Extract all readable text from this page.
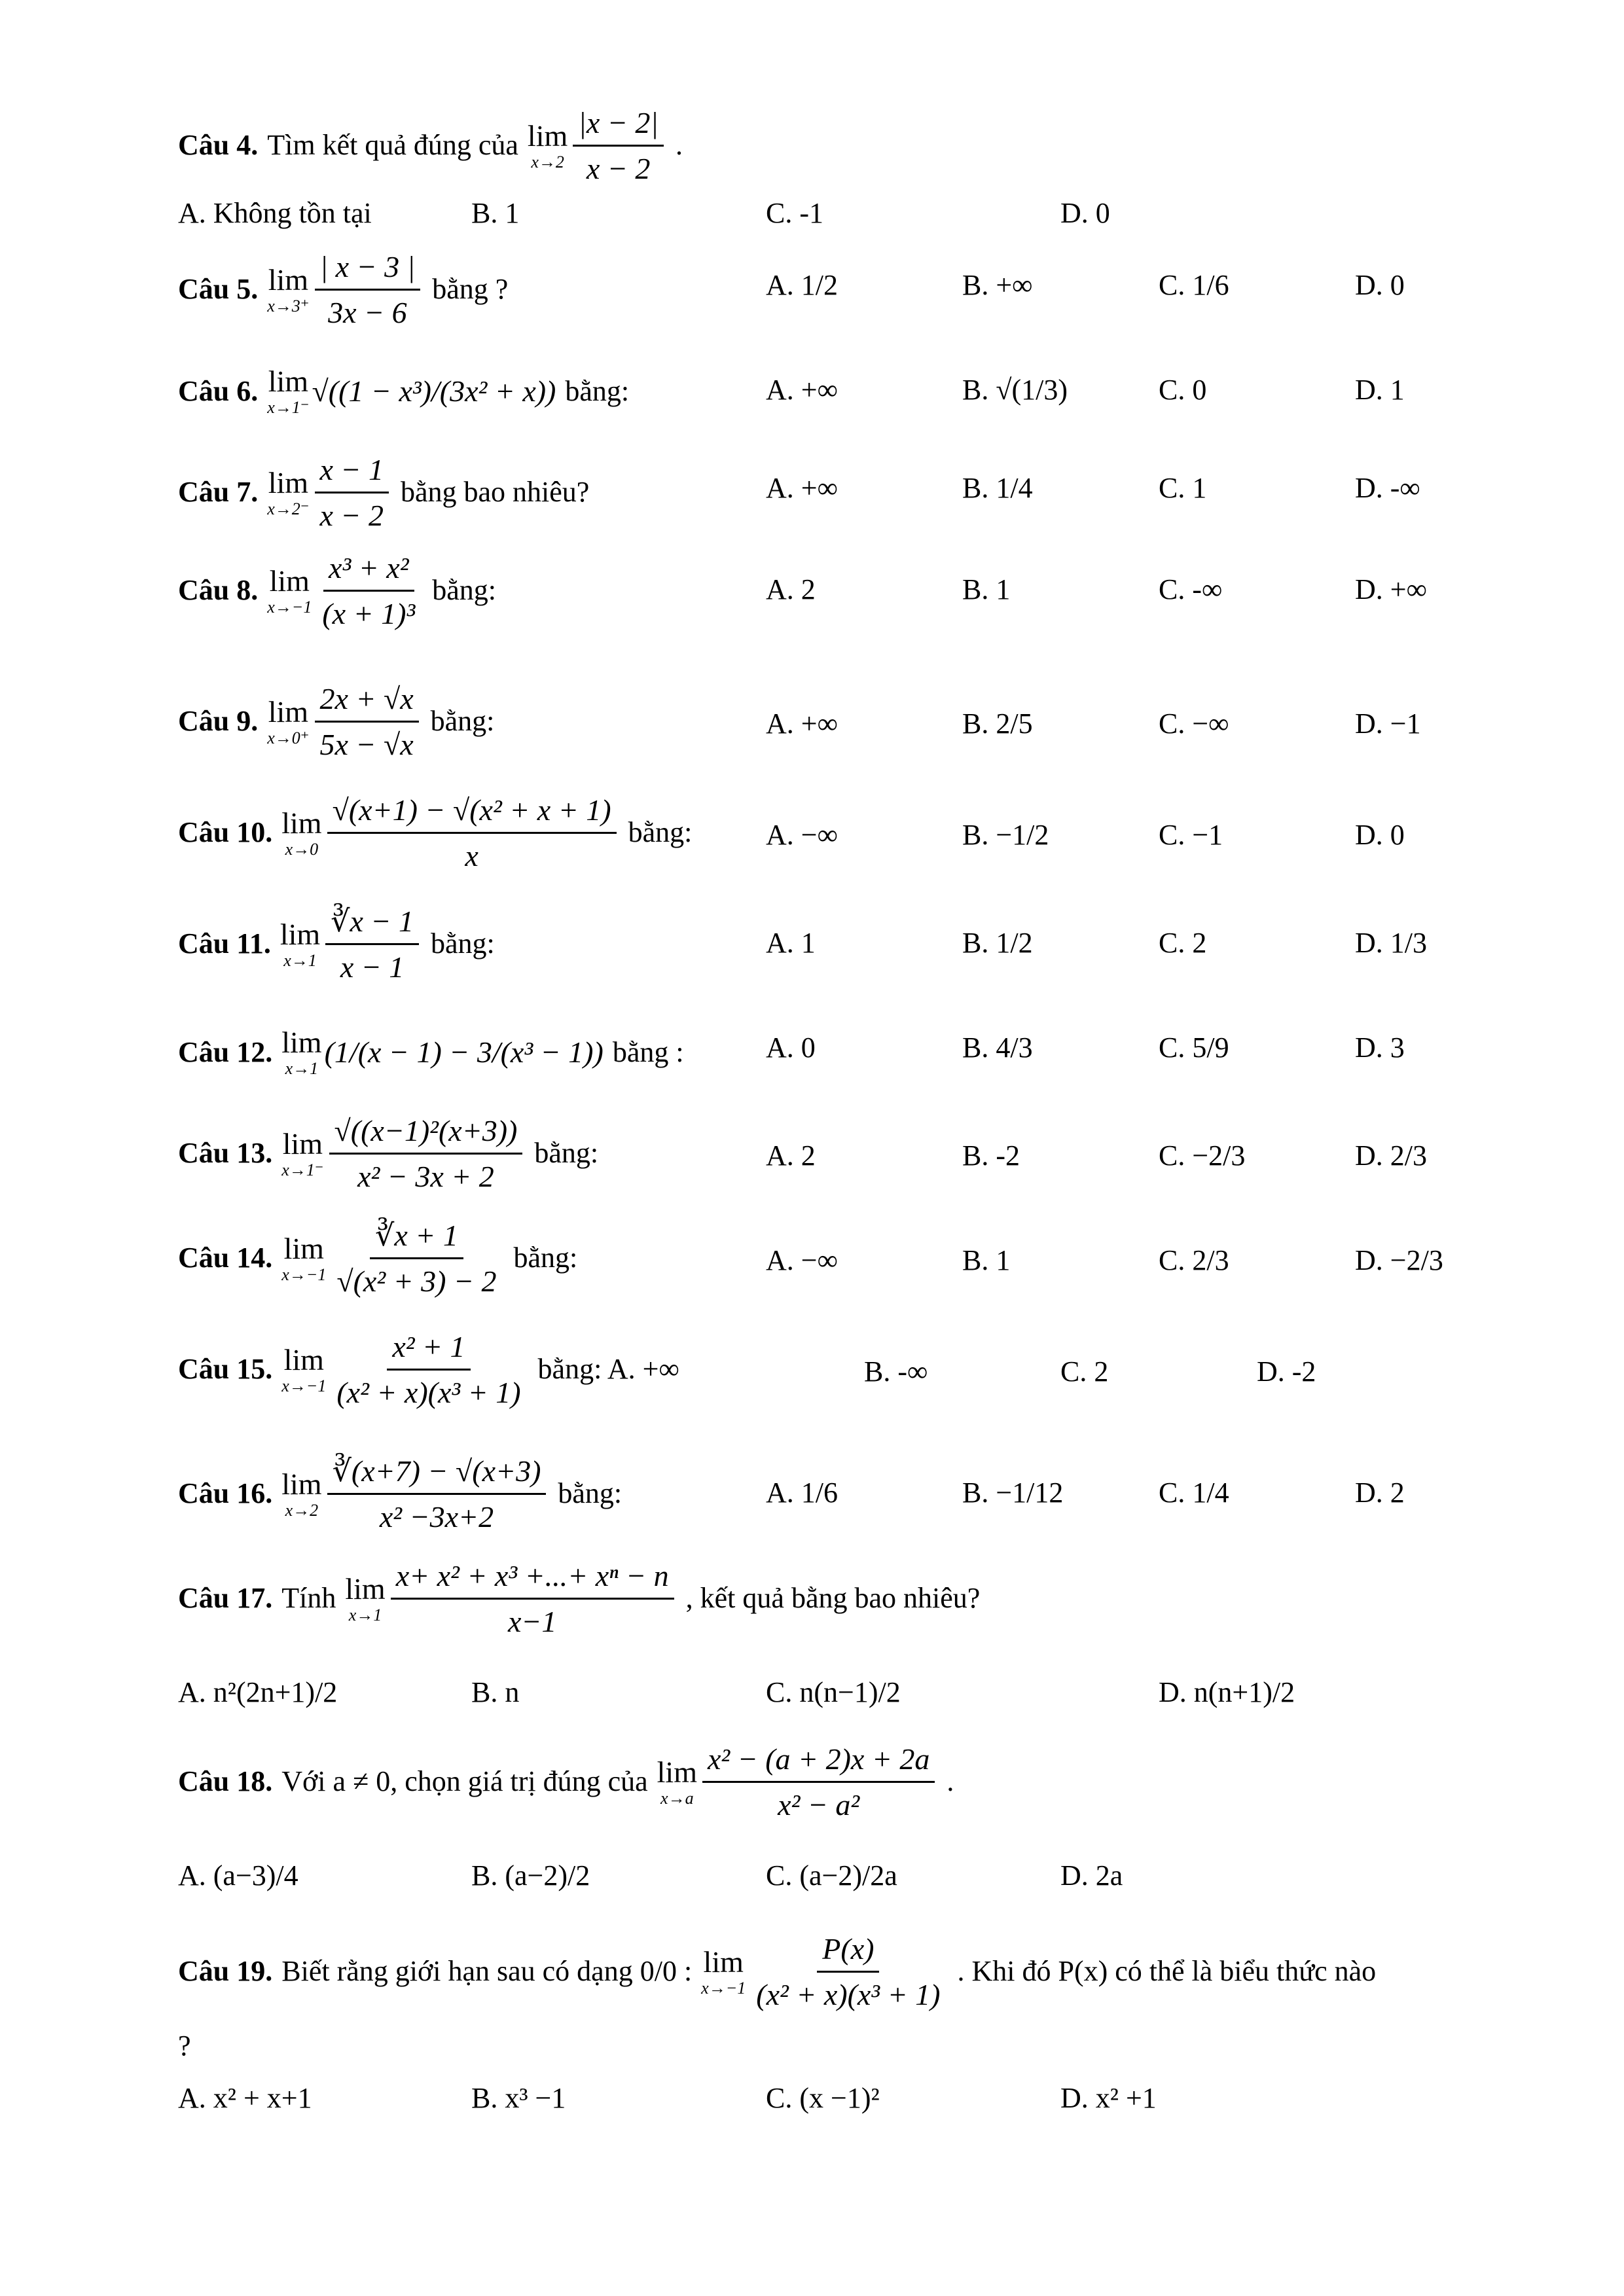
Câu 4. Tìm kết quả đúng của lim
$x\to 2 \frac{|x - 2|}{x - 2}$ .
A. Không tồn tại	B. 1	C. -1	D. 0
Câu 5. lim
$x\to 3^+ \frac{| x - 3 |}{3x - 6}$ bằng ?	A. 1/2	B. +∞	C. 1/6	D. 0
Câu 6. lim
x→1⁻ √((1 − x³)/(3x² + x)) bằng:	A. +∞	B. √(1/3)	C. 0	D. 1
Câu 7. lim
$x\to 2^- \frac{x - 1}{x - 2}$ bằng bao nhiêu?	A. +∞	B. 1/4	C. 1	D. -∞
Câu 8. lim
$x\to-1 \frac{\text{x³ + x²}}{\text{(x + 1)³}}$ bằng:	A. 2	B. 1	C. -∞	D. +∞
Câu 9. lim
$x\to 0^+ \frac{2x + √x}{5x - √x}$ bằng:	A. +∞	B. 2/5	C. −∞	D. −1
Câu 10. lim
$x\to 0 \frac{\text{√(x+1) − √(x² + x + 1)}}{x}$ bằng:	A. −∞	B. −1/2	C. −1	D. 0
Câu 11. lim
$x\to 1 \frac{∛x - 1}{x - 1}$ bằng:	A. 1	B. 1/2	C. 2	D. 1/3
Câu 12. lim
x→1 (1/(x − 1) − 3/(x³ − 1)) bằng :	A. 0	B. 4/3	C. 5/9	D. 3
Câu 13. lim
$x\to 1^- \frac{\text{√((x−1)²(x+3))}}{\text{x² − 3x + 2}}$ bằng:	A. 2	B. -2	C. −2/3	D. 2/3
Câu 14. lim
$x\to-1 \frac{∛x + 1}{\text{√(x² + 3) − 2}}$ bằng:	A. −∞	B. 1	C. 2/3	D. −2/3
Câu 15. lim
$x\to-1 \frac{\text{x² + 1}}{\text{(x² + x)(x³ + 1)}}$ bằng: A. +∞	B. -∞	C. 2	D. -2
Câu 16. lim
$x\to 2 \frac{∛(x+7) - √(x+3)}{\text{x² −3x+2}}$ bằng:	A. 1/6	B. −1/12	C. 1/4	D. 2
Câu 17. Tính lim
$x\to 1 \frac{\text{x+ x² + x³ +...+ xⁿ − n}}{x-1}$ , kết quả bằng bao nhiêu?
A. n²(2n+1)/2	B. n	C. n(n−1)/2	D. n(n+1)/2
Câu 18. Với a ≠ 0, chọn giá trị đúng của lim
$x\to a \frac{\text{x² − (a + 2)x + 2a}}{\text{x² − a²}}$ .
A. (a−3)/4	B. (a−2)/2	C. (a−2)/2a	D. 2a
Câu 19. Biết rằng giới hạn sau có dạng 0/0 : lim
$x\to-1 \frac{P(x)}{\text{(x² + x)(x³ + 1)}}$ . Khi đó P(x) có thể là biểu thức nào
?
A. x² + x+1	B. x³ −1	C. (x −1)²	D. x² +1
